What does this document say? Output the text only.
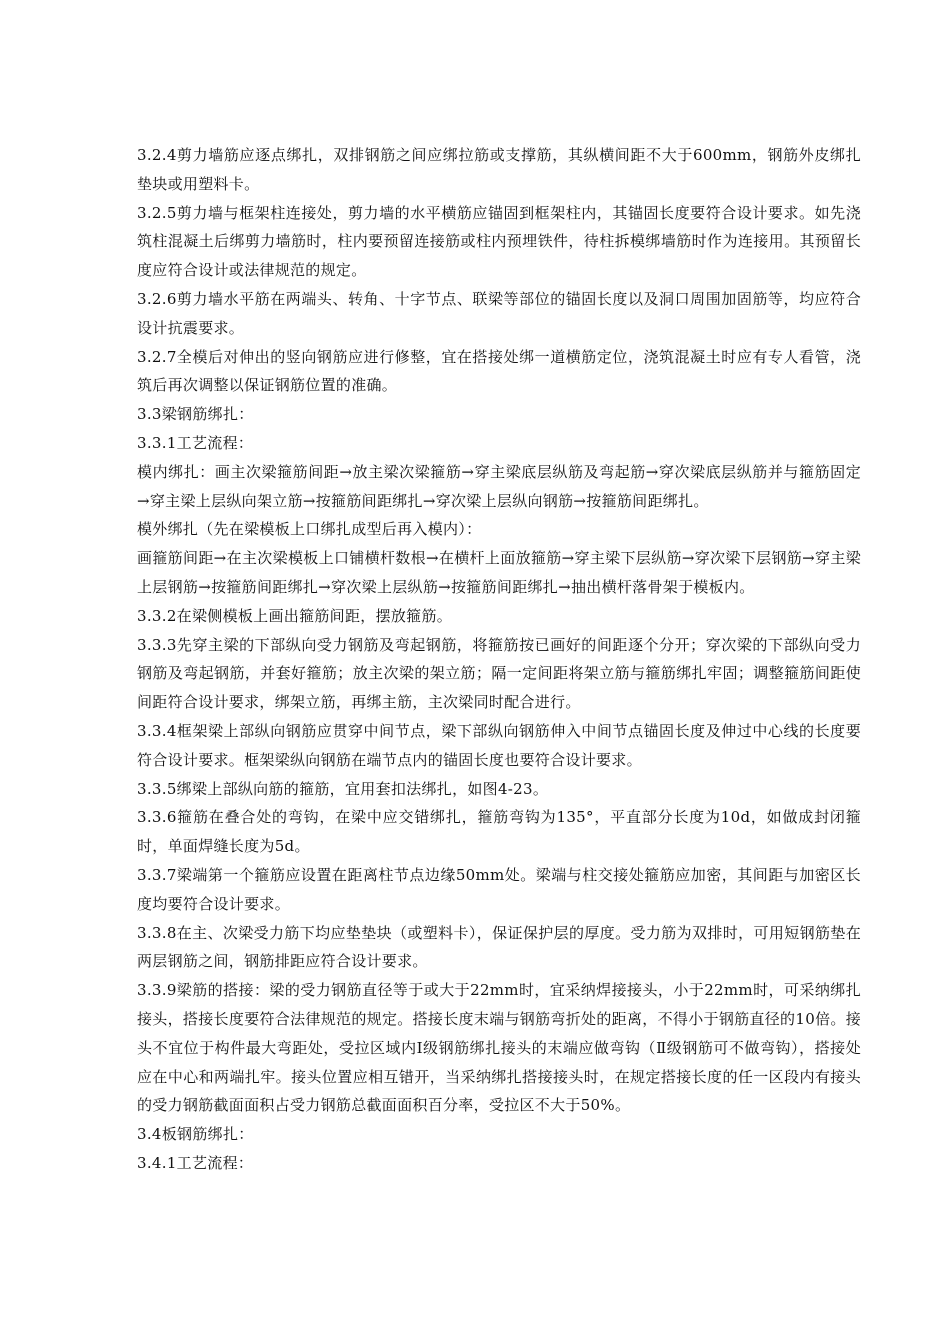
3.2.4剪力墙筋应逐点绑扎，双排钢筋之间应绑拉筋或支撑筋，其纵横间距不大于600mm，钢筋外皮绑扎垫块或用塑料卡。

3.2.5剪力墙与框架柱连接处，剪力墙的水平横筋应锚固到框架柱内，其锚固长度要符合设计要求。如先浇筑柱混凝土后绑剪力墙筋时，柱内要预留连接筋或柱内预埋铁件，待柱拆模绑墙筋时作为连接用。其预留长度应符合设计或法律规范的规定。

3.2.6剪力墙水平筋在两端头、转角、十字节点、联梁等部位的锚固长度以及洞口周围加固筋等，均应符合设计抗震要求。

3.2.7全模后对伸出的竖向钢筋应进行修整，宜在搭接处绑一道横筋定位，浇筑混凝土时应有专人看管，浇筑后再次调整以保证钢筋位置的准确。

3.3梁钢筋绑扎：

3.3.1工艺流程：

模内绑扎：画主次梁箍筋间距→放主梁次梁箍筋→穿主梁底层纵筋及弯起筋→穿次梁底层纵筋并与箍筋固定→穿主梁上层纵向架立筋→按箍筋间距绑扎→穿次梁上层纵向钢筋→按箍筋间距绑扎。

模外绑扎（先在梁模板上口绑扎成型后再入模内）：

画箍筋间距→在主次梁模板上口铺横杆数根→在横杆上面放箍筋→穿主梁下层纵筋→穿次梁下层钢筋→穿主梁上层钢筋→按箍筋间距绑扎→穿次梁上层纵筋→按箍筋间距绑扎→抽出横杆落骨架于模板内。

3.3.2在梁侧模板上画出箍筋间距，摆放箍筋。

3.3.3先穿主梁的下部纵向受力钢筋及弯起钢筋，将箍筋按已画好的间距逐个分开；穿次梁的下部纵向受力钢筋及弯起钢筋，并套好箍筋；放主次梁的架立筋；隔一定间距将架立筋与箍筋绑扎牢固；调整箍筋间距使间距符合设计要求，绑架立筋，再绑主筋，主次梁同时配合进行。

3.3.4框架梁上部纵向钢筋应贯穿中间节点，梁下部纵向钢筋伸入中间节点锚固长度及伸过中心线的长度要符合设计要求。框架梁纵向钢筋在端节点内的锚固长度也要符合设计要求。

3.3.5绑梁上部纵向筋的箍筋，宜用套扣法绑扎，如图4-23。

3.3.6箍筋在叠合处的弯钩，在梁中应交错绑扎，箍筋弯钩为135°，平直部分长度为10d，如做成封闭箍时，单面焊缝长度为5d。

3.3.7梁端第一个箍筋应设置在距离柱节点边缘50mm处。梁端与柱交接处箍筋应加密，其间距与加密区长度均要符合设计要求。

3.3.8在主、次梁受力筋下均应垫垫块（或塑料卡），保证保护层的厚度。受力筋为双排时，可用短钢筋垫在两层钢筋之间，钢筋排距应符合设计要求。

3.3.9梁筋的搭接：梁的受力钢筋直径等于或大于22mm时，宜采纳焊接接头，小于22mm时，可采纳绑扎接头，搭接长度要符合法律规范的规定。搭接长度末端与钢筋弯折处的距离，不得小于钢筋直径的10倍。接头不宜位于构件最大弯距处，受拉区域内Ⅰ级钢筋绑扎接头的末端应做弯钩（Ⅱ级钢筋可不做弯钩），搭接处应在中心和两端扎牢。接头位置应相互错开，当采纳绑扎搭接接头时，在规定搭接长度的任一区段内有接头的受力钢筋截面面积占受力钢筋总截面面积百分率，受拉区不大于50%。

3.4板钢筋绑扎：

3.4.1工艺流程：
